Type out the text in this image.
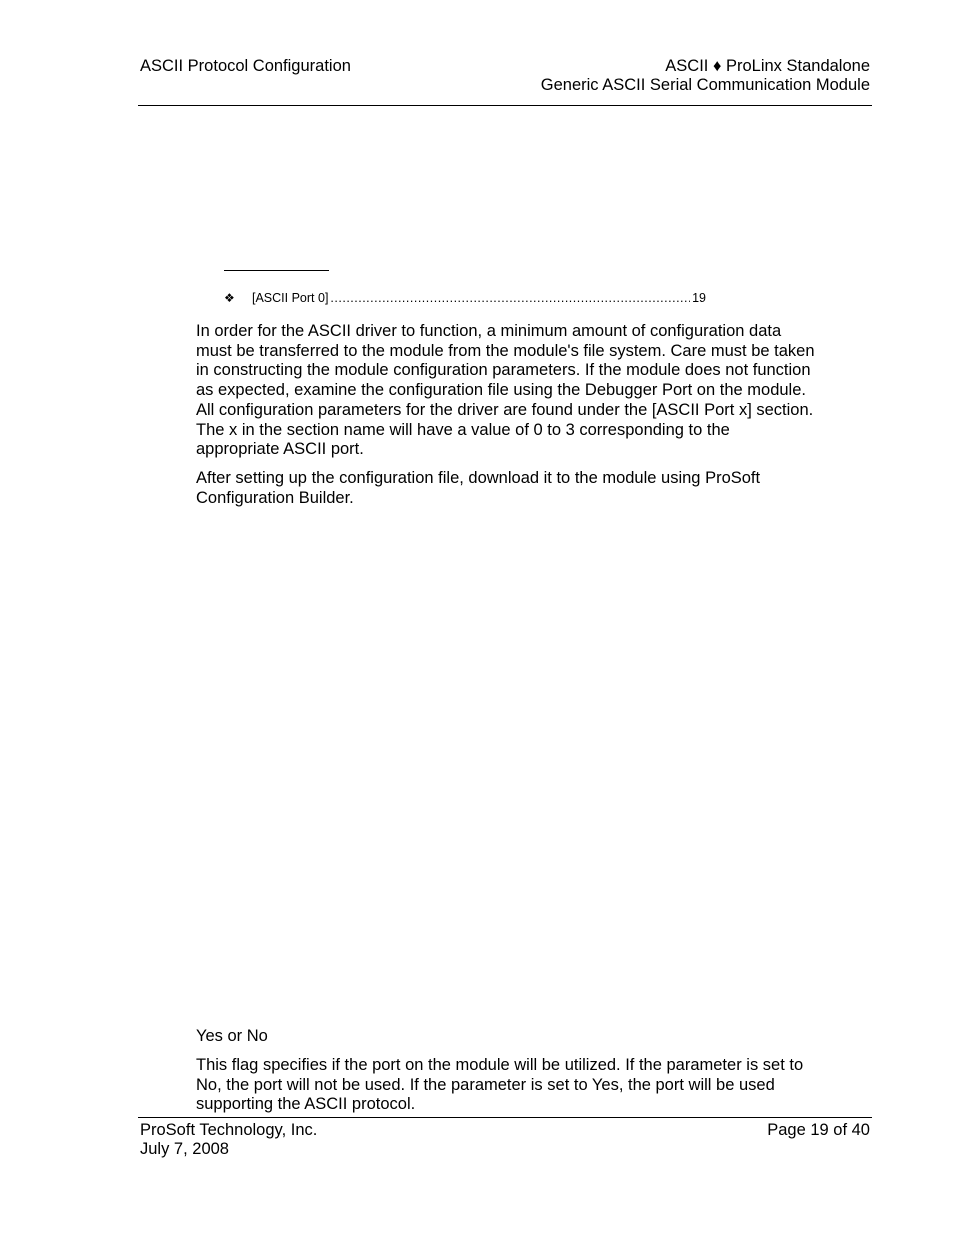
ASCII Protocol Configuration	ASCII ♦ ProLinx Standalone
Generic ASCII Serial Communication Module
❖	[ASCII Port 0]
.....	19

In order for the ASCII driver to function, a minimum amount of configuration data must be transferred to the module from the module's file system. Care must be taken in constructing the module configuration parameters. If the module does not function as expected, examine the configuration file using the Debugger Port on the module. All configuration parameters for the driver are found under the [ASCII Port x] section. The x in the section name will have a value of 0 to 3 corresponding to the appropriate ASCII port.

After setting up the configuration file, download it to the module using ProSoft Configuration Builder.

Yes or No

This flag specifies if the port on the module will be utilized. If the parameter is set to No, the port will not be used. If the parameter is set to Yes, the port will be used supporting the ASCII protocol.

ProSoft Technology, Inc.
July 7, 2008
Page 19 of 40
